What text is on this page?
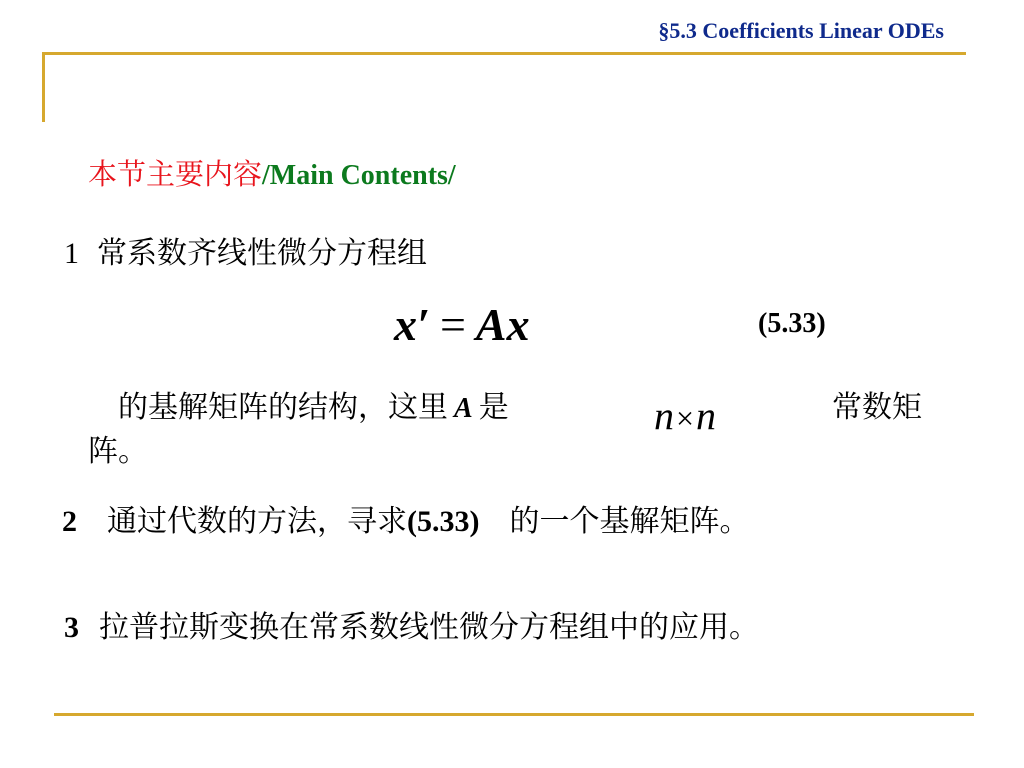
§5.3 Coefficients Linear ODEs
本节主要内容/Main Contents/
1 常系数齐线性微分方程组
x′ = Ax	(5.33)
的基解矩阵的结构，这里 A 是	n×n	常数矩
阵。
2 通过代数的方法，寻求(5.33) 的一个基解矩阵。
3 拉普拉斯变换在常系数线性微分方程组中的应用。
